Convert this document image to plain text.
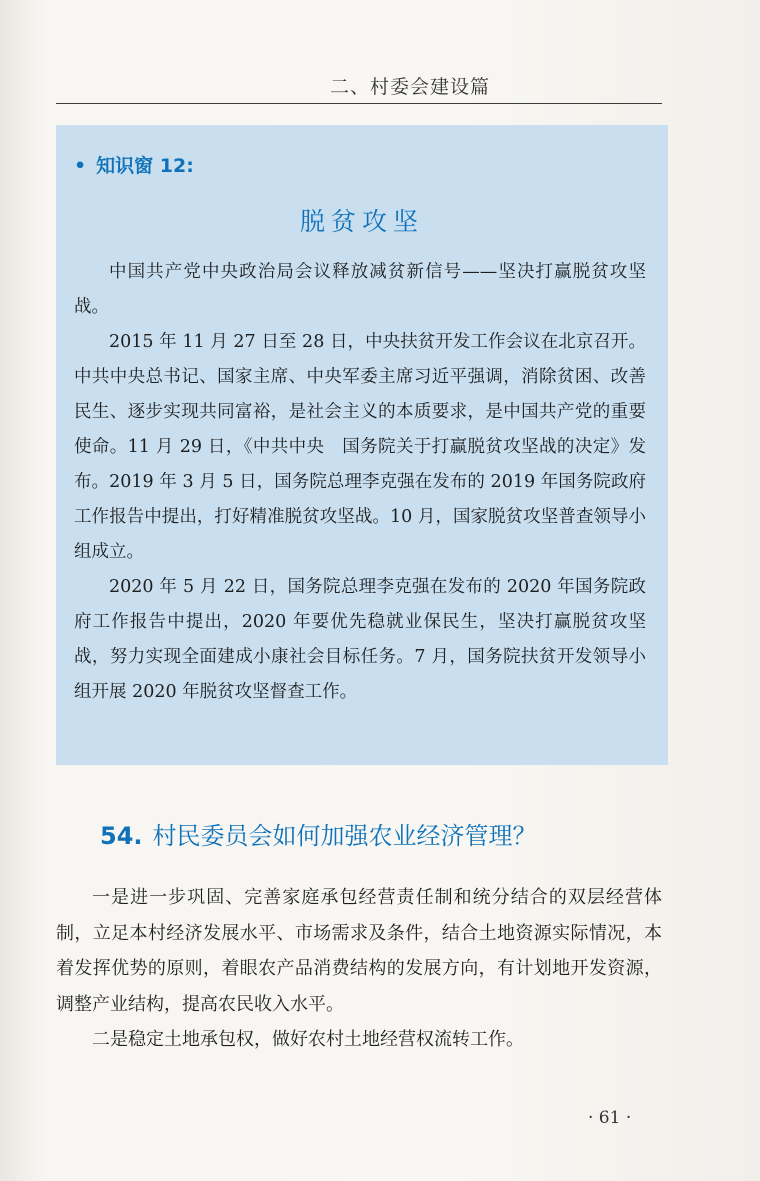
二、村委会建设篇
• 知识窗 12:
脱贫攻坚

中国共产党中央政治局会议释放减贫新信号——坚决打赢脱贫攻坚战。

2015 年 11 月 27 日至 28 日，中央扶贫开发工作会议在北京召开。中共中央总书记、国家主席、中央军委主席习近平强调，消除贫困、改善民生、逐步实现共同富裕，是社会主义的本质要求，是中国共产党的重要使命。11 月 29 日，《中共中央　国务院关于打赢脱贫攻坚战的决定》发布。2019 年 3 月 5 日，国务院总理李克强在发布的 2019 年国务院政府工作报告中提出，打好精准脱贫攻坚战。10 月，国家脱贫攻坚普查领导小组成立。

2020 年 5 月 22 日，国务院总理李克强在发布的 2020 年国务院政府工作报告中提出，2020 年要优先稳就业保民生，坚决打赢脱贫攻坚战，努力实现全面建成小康社会目标任务。7 月，国务院扶贫开发领导小组开展 2020 年脱贫攻坚督查工作。

54. 村民委员会如何加强农业经济管理？

一是进一步巩固、完善家庭承包经营责任制和统分结合的双层经营体制，立足本村经济发展水平、市场需求及条件，结合土地资源实际情况，本着发挥优势的原则，着眼农产品消费结构的发展方向，有计划地开发资源，调整产业结构，提高农民收入水平。

二是稳定土地承包权，做好农村土地经营权流转工作。

· 61 ·
